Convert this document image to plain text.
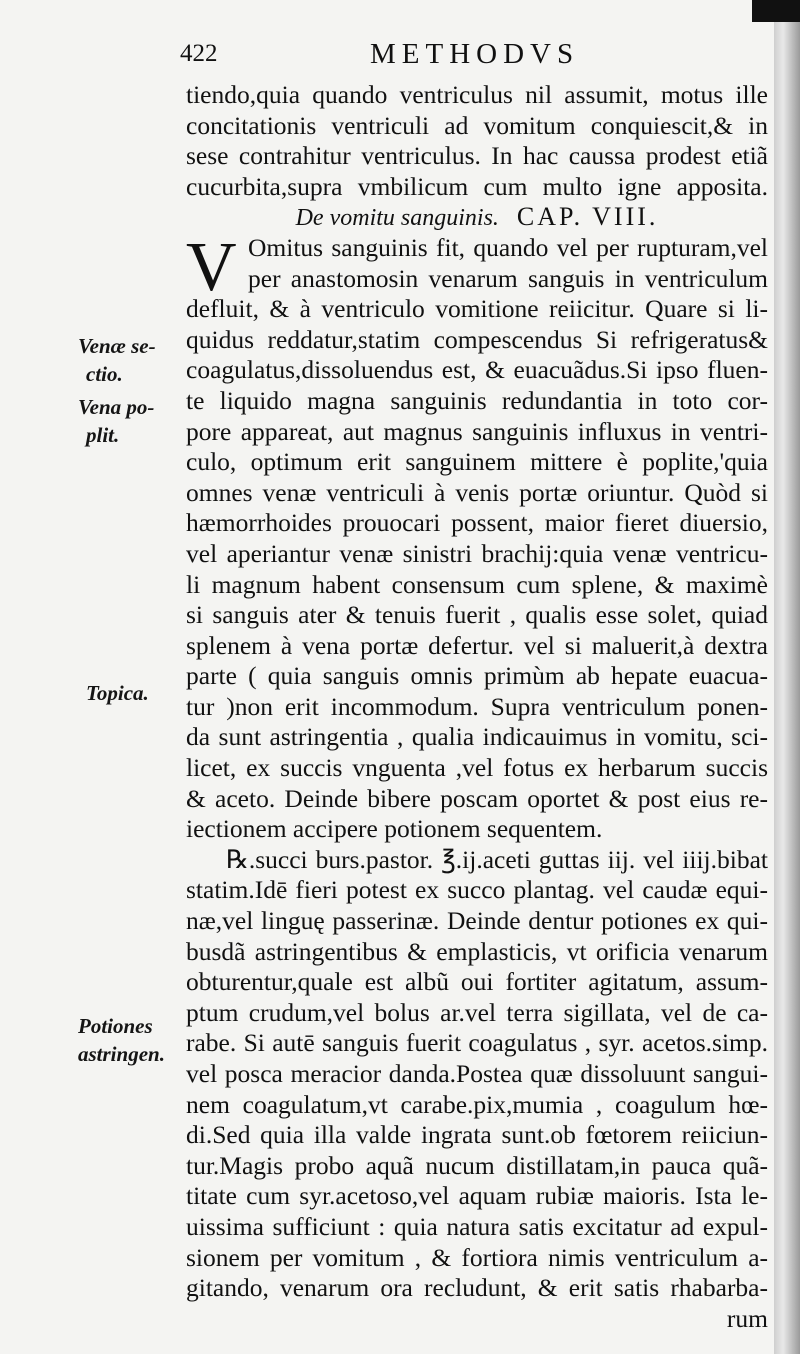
422	METHODVS
Venæ se-
ctio.
Vena po-
plit.
Topica.
Potiones
astringen.
tiendo,quia quando ventriculus nil assumit, motus ille
concitationis ventriculi ad vomitum conquiescit,& in
sese contrahitur ventriculus. In hac caussa prodest etiã
cucurbita,supra vmbilicum cum multo igne apposita.
De vomitu sanguinis. CAP. VIII.
V Omitus sanguinis fit, quando vel per rupturam,vel
per anastomosin venarum sanguis in ventriculum
defluit, & à ventriculo vomitione reiicitur. Quare si li-
quidus reddatur,statim compescendus Si refrigeratus&
coagulatus,dissoluendus est, & euacuãdus.Si ipso fluen-
te liquido magna sanguinis redundantia in toto cor-
pore appareat, aut magnus sanguinis influxus in ventri-
culo, optimum erit sanguinem mittere è poplite,'quia
omnes venæ ventriculi à venis portæ oriuntur. Quòd si
hæmorrhoides prouocari possent, maior fieret diuersio,
vel aperiantur venæ sinistri brachij:quia venæ ventricu-
li magnum habent consensum cum splene, & maximè
si sanguis ater & tenuis fuerit , qualis esse solet, quiad
splenem à vena portæ defertur. vel si maluerit,à dextra
parte ( quia sanguis omnis primùm ab hepate euacua-
tur )non erit incommodum. Supra ventriculum ponen-
da sunt astringentia , qualia indicauimus in vomitu, sci-
licet, ex succis vnguenta ,vel fotus ex herbarum succis
& aceto. Deinde bibere poscam oportet & post eius re-
iectionem accipere potionem sequentem.
℞.succi burs.pastor. ℥.ij.aceti guttas iij. vel iiij.bibat
statim.Idē fieri potest ex succo plantag. vel caudæ equi-
næ,vel linguę passerinæ. Deinde dentur potiones ex qui-
busdã astringentibus & emplasticis, vt orificia venarum
obturentur,quale est albũ oui fortiter agitatum, assum-
ptum crudum,vel bolus ar.vel terra sigillata, vel de ca-
rabe. Si autē sanguis fuerit coagulatus , syr. acetos.simp.
vel posca meracior danda.Postea quæ dissoluunt sangui-
nem coagulatum,vt carabe.pix,mumia , coagulum hœ-
di.Sed quia illa valde ingrata sunt.ob fœtorem reiiciun-
tur.Magis probo aquã nucum distillatam,in pauca quã-
titate cum syr.acetoso,vel aquam rubiæ maioris. Ista le-
uissima sufficiunt : quia natura satis excitatur ad expul-
sionem per vomitum , & fortiora nimis ventriculum a-
gitando, venarum ora recludunt, & erit satis rhabarba-
rum
